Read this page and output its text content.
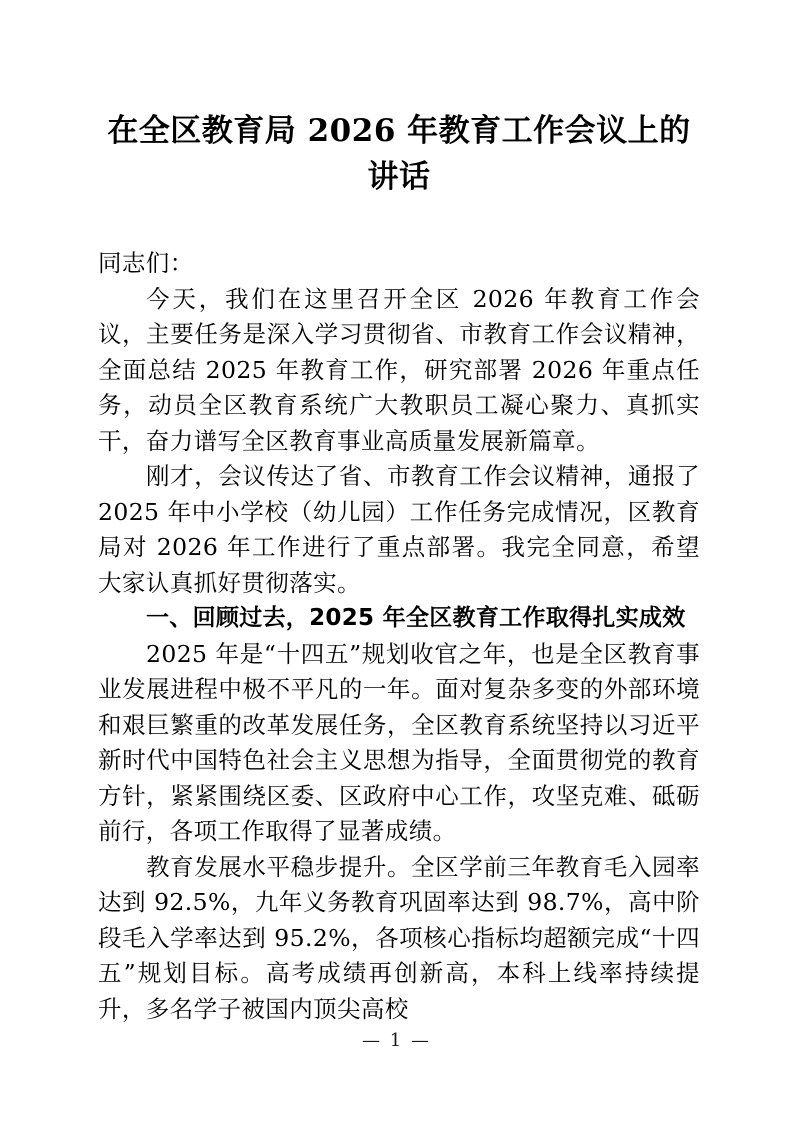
在全区教育局 2026 年教育工作会议上的讲话
同志们：

今天，我们在这里召开全区 2026 年教育工作会议，主要任务是深入学习贯彻省、市教育工作会议精神，全面总结 2025 年教育工作，研究部署 2026 年重点任务，动员全区教育系统广大教职员工凝心聚力、真抓实干，奋力谱写全区教育事业高质量发展新篇章。

刚才，会议传达了省、市教育工作会议精神，通报了 2025 年中小学校（幼儿园）工作任务完成情况，区教育局对 2026 年工作进行了重点部署。我完全同意，希望大家认真抓好贯彻落实。

一、回顾过去，2025 年全区教育工作取得扎实成效

2025 年是“十四五”规划收官之年，也是全区教育事业发展进程中极不平凡的一年。面对复杂多变的外部环境和艰巨繁重的改革发展任务，全区教育系统坚持以习近平新时代中国特色社会主义思想为指导，全面贯彻党的教育方针，紧紧围绕区委、区政府中心工作，攻坚克难、砥砺前行，各项工作取得了显著成绩。

教育发展水平稳步提升。全区学前三年教育毛入园率达到 92.5%，九年义务教育巩固率达到 98.7%，高中阶段毛入学率达到 95.2%，各项核心指标均超额完成“十四五”规划目标。高考成绩再创新高，本科上线率持续提升，多名学子被国内顶尖高校

— 1 —
